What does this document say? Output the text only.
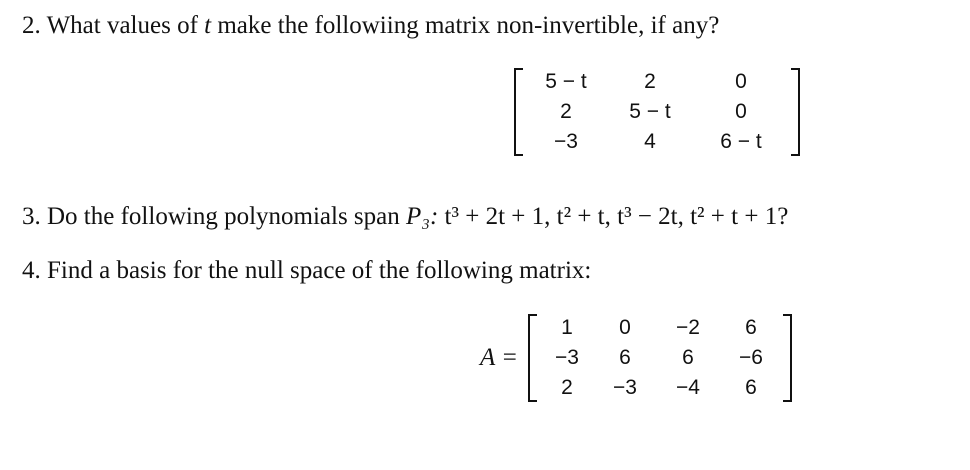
2. What values of t make the followiing matrix non-invertible, if any?

5 − t	2	0
2	5 − t	0
−3	4	6 − t

3. Do the following polynomials span P₃: t³ + 2t + 1, t² + t, t³ − 2t, t² + t + 1?

4. Find a basis for the null space of the following matrix:

A =
1	0	−2	6
−3	6	6	−6
2	−3	−4	6
